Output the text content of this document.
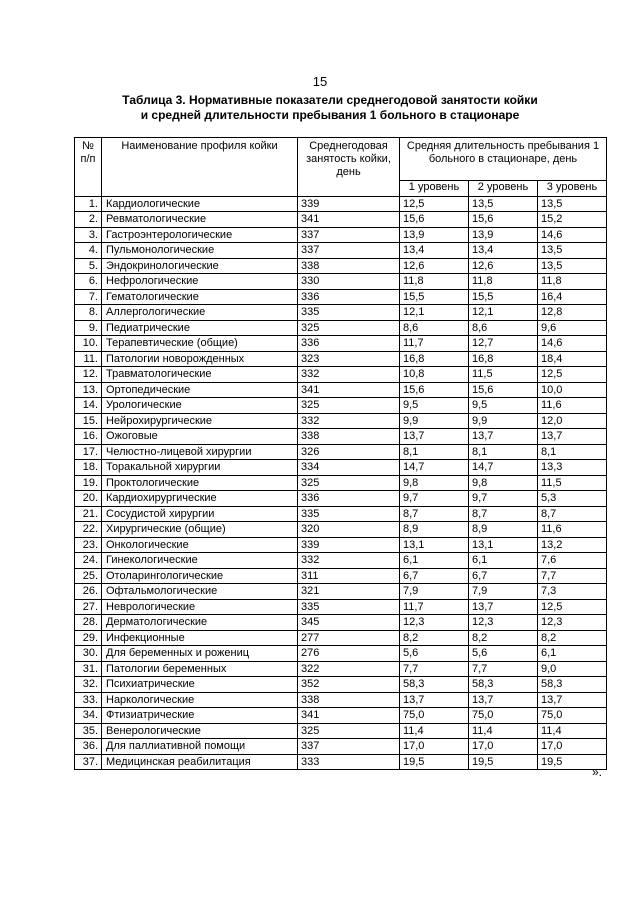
15
Таблица 3. Нормативные показатели среднегодовой занятости койки
и средней длительности пребывания 1 больного в стационаре
№ п/п	Наименование профиля койки	Среднегодовая занятость койки, день	Средняя длительность пребывания 1 больного в стационаре, день		
			1 уровень	2 уровень	3 уровень
1.	Кардиологические	339	12,5	13,5	13,5
2.	Ревматологические	341	15,6	15,6	15,2
3.	Гастроэнтерологические	337	13,9	13,9	14,6
4.	Пульмонологические	337	13,4	13,4	13,5
5.	Эндокринологические	338	12,6	12,6	13,5
6.	Нефрологические	330	11,8	11,8	11,8
7.	Гематологические	336	15,5	15,5	16,4
8.	Аллергологические	335	12,1	12,1	12,8
9.	Педиатрические	325	8,6	8,6	9,6
10.	Терапевтические (общие)	336	11,7	12,7	14,6
11.	Патологии новорожденных	323	16,8	16,8	18,4
12.	Травматологические	332	10,8	11,5	12,5
13.	Ортопедические	341	15,6	15,6	10,0
14.	Урологические	325	9,5	9,5	11,6
15.	Нейрохирургические	332	9,9	9,9	12,0
16.	Ожоговые	338	13,7	13,7	13,7
17.	Челюстно-лицевой хирургии	326	8,1	8,1	8,1
18.	Торакальной хирургии	334	14,7	14,7	13,3
19.	Проктологические	325	9,8	9,8	11,5
20.	Кардиохирургические	336	9,7	9,7	5,3
21.	Сосудистой хирургии	335	8,7	8,7	8,7
22.	Хирургические (общие)	320	8,9	8,9	11,6
23.	Онкологические	339	13,1	13,1	13,2
24.	Гинекологические	332	6,1	6,1	7,6
25.	Отоларингологические	311	6,7	6,7	7,7
26.	Офтальмологические	321	7,9	7,9	7,3
27.	Неврологические	335	11,7	13,7	12,5
28.	Дерматологические	345	12,3	12,3	12,3
29.	Инфекционные	277	8,2	8,2	8,2
30.	Для беременных и рожениц	276	5,6	5,6	6,1
31.	Патологии беременных	322	7,7	7,7	9,0
32.	Психиатрические	352	58,3	58,3	58,3
33.	Наркологические	338	13,7	13,7	13,7
34.	Фтизиатрические	341	75,0	75,0	75,0
35.	Венерологические	325	11,4	11,4	11,4
36.	Для паллиативной помощи	337	17,0	17,0	17,0
37.	Медицинская реабилитация	333	19,5	19,5	19,5
».
